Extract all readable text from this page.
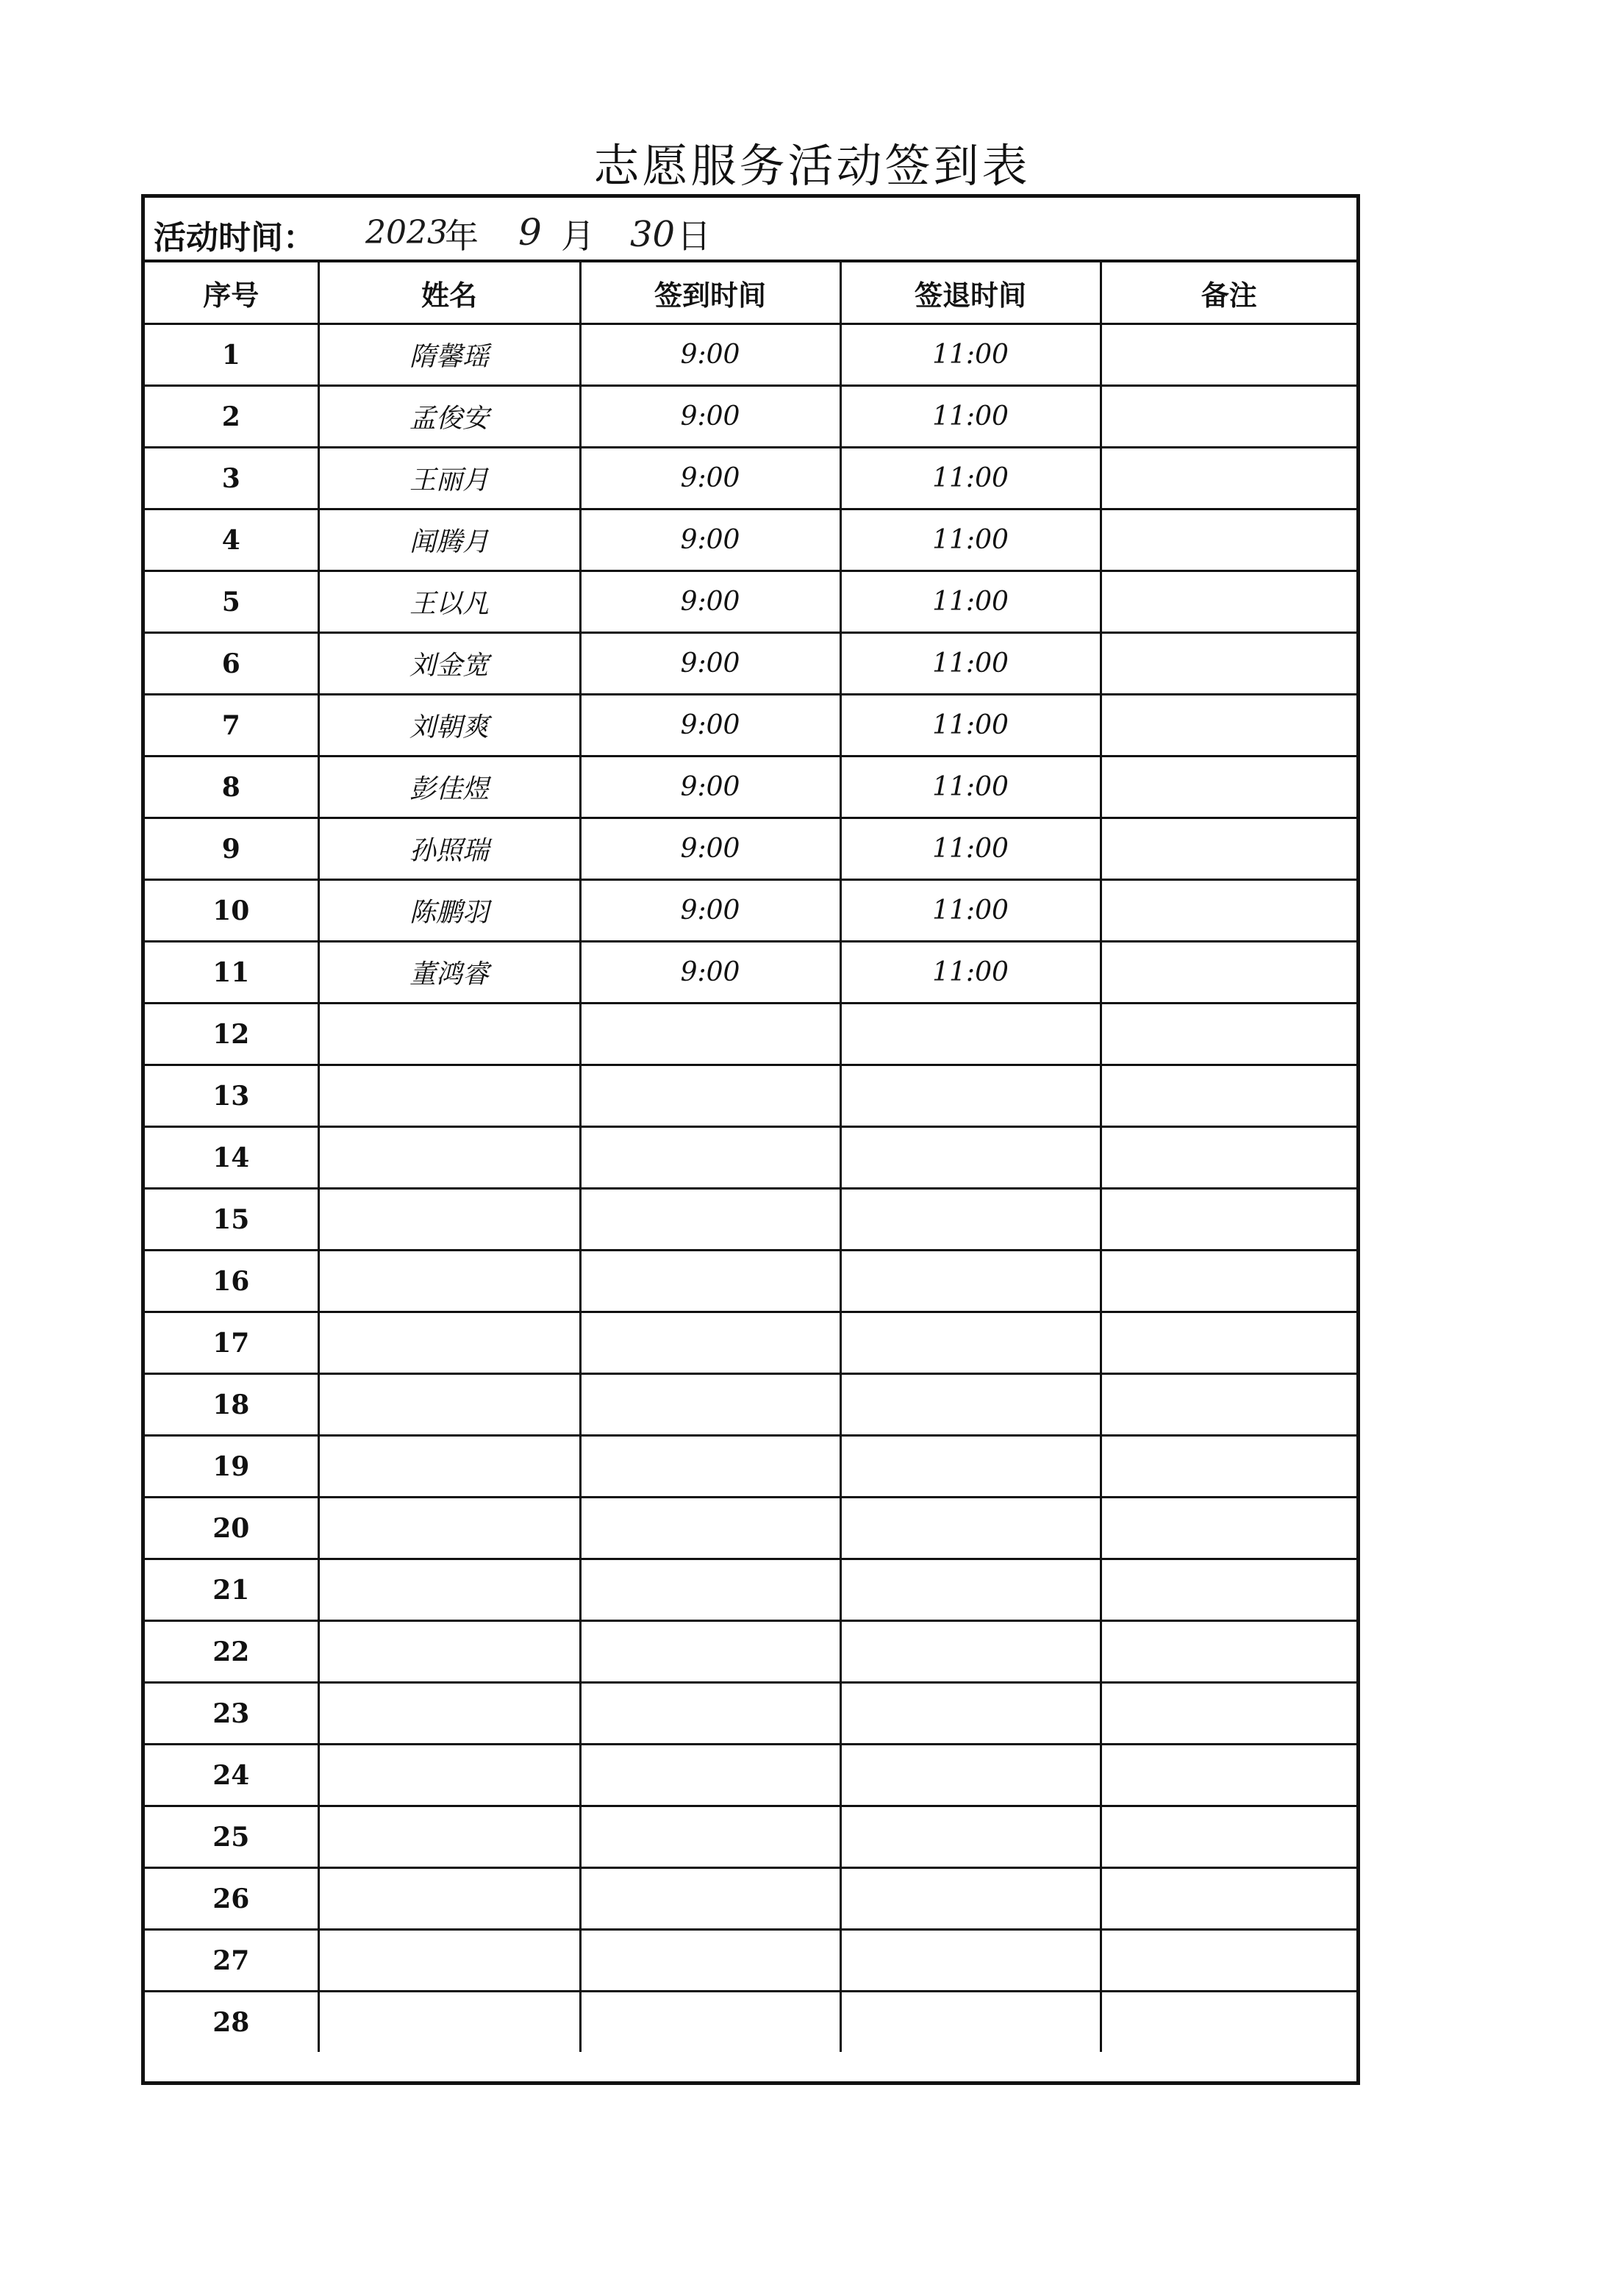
志愿服务活动签到表
活动时间： 2023
年 9 月 30 日
序号	姓名	签到时间	签退时间	备注
1	隋馨瑶	9:00	11:00	
2	孟俊安	9:00	11:00	
3	王丽月	9:00	11:00	
4	闻腾月	9:00	11:00	
5	王以凡	9:00	11:00	
6	刘金宽	9:00	11:00	
7	刘朝爽	9:00	11:00	
8	彭佳煜	9:00	11:00	
9	孙照瑞	9:00	11:00	
10	陈鹏羽	9:00	11:00	
11	董鸿睿	9:00	11:00	
12				
13				
14				
15				
16				
17				
18				
19				
20				
21				
22				
23				
24				
25				
26				
27				
28				
